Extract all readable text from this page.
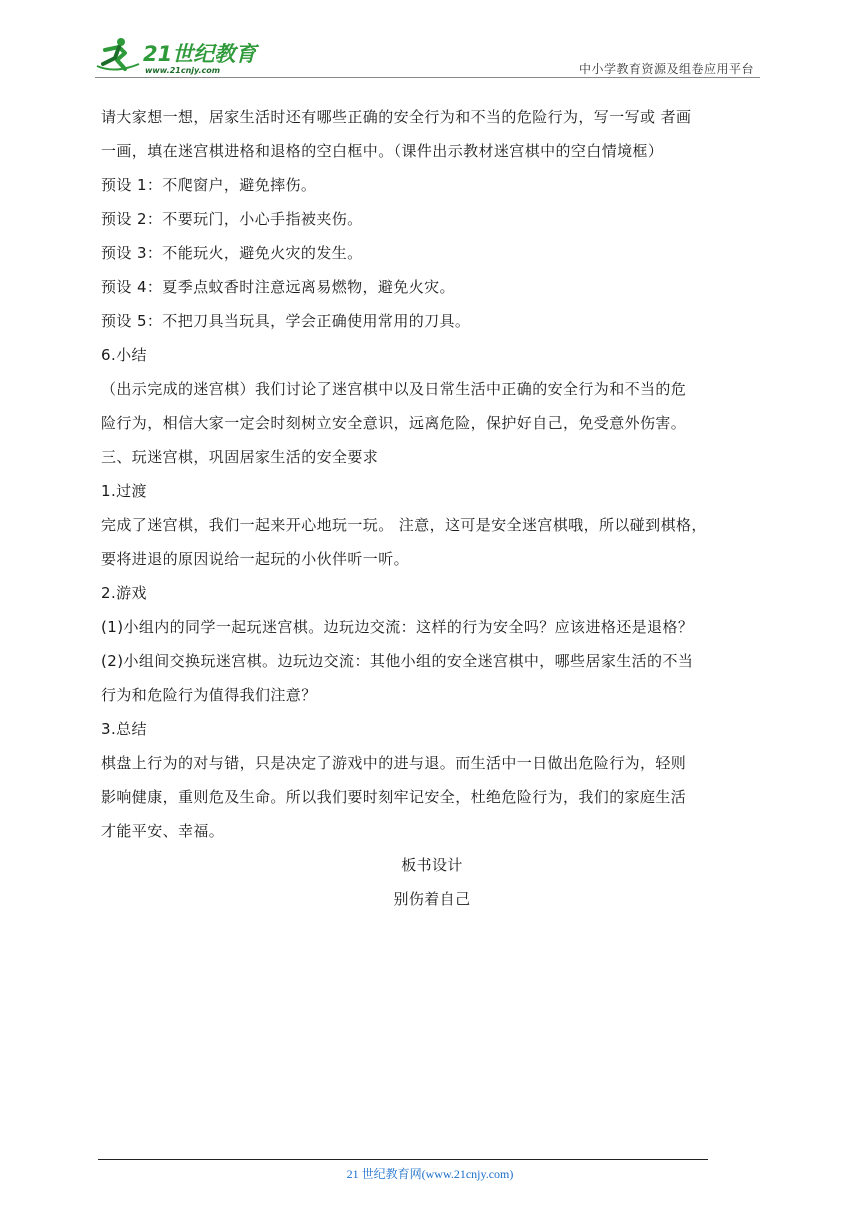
21世纪教育
www.21cnjy.com	中小学教育资源及组卷应用平台
请大家想一想，居家生活时还有哪些正确的安全行为和不当的危险行为，写一写或 者画
一画，填在迷宫棋进格和退格的空白框中。（课件出示教材迷宫棋中的空白情境框）
预设 1：不爬窗户，避免摔伤。
预设 2：不要玩门，小心手指被夹伤。
预设 3：不能玩火，避免火灾的发生。
预设 4：夏季点蚊香时注意远离易燃物，避免火灾。
预设 5：不把刀具当玩具，学会正确使用常用的刀具。
6.小结
（出示完成的迷宫棋）我们讨论了迷宫棋中以及日常生活中正确的安全行为和不当的危
险行为，相信大家一定会时刻树立安全意识，远离危险，保护好自己，免受意外伤害。
三、玩迷宫棋，巩固居家生活的安全要求
1.过渡
完成了迷宫棋，我们一起来开心地玩一玩。 注意，这可是安全迷宫棋哦，所以碰到棋格，
要将进退的原因说给一起玩的小伙伴听一听。
2.游戏
(1)小组内的同学一起玩迷宫棋。边玩边交流：这样的行为安全吗？应该进格还是退格？
(2)小组间交换玩迷宫棋。边玩边交流：其他小组的安全迷宫棋中，哪些居家生活的不当
行为和危险行为值得我们注意？
3.总结
棋盘上行为的对与错，只是决定了游戏中的进与退。而生活中一日做出危险行为，轻则
影响健康，重则危及生命。所以我们要时刻牢记安全，杜绝危险行为，我们的家庭生活
才能平安、幸福。
板书设计
别伤着自己
21 世纪教育网(www.21cnjy.com)
